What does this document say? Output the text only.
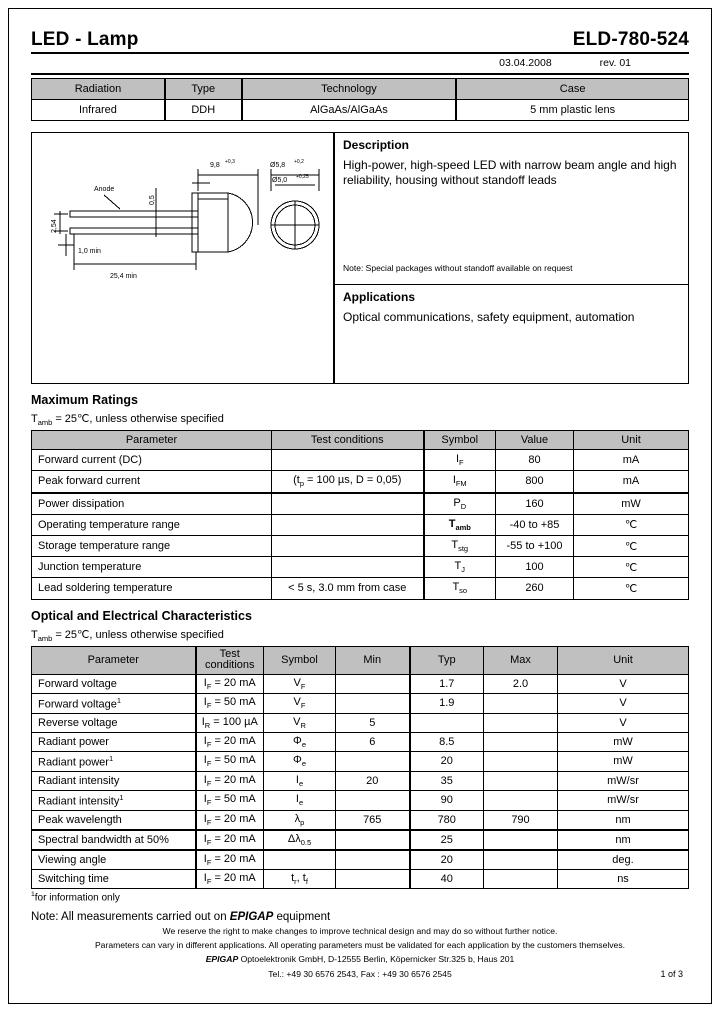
LED - Lamp	ELD-780-524
03.04.2008	rev. 01
Radiation	Type	Technology	Case
Infrared	DDH	AlGaAs/AlGaAs	5 mm plastic lens
Anode
2,54
0,5
1,0 min
25,4 min
9,8 +0,3	Ø5,8 +0,2
Ø5,0 +0,25
Description
High-power, high-speed LED with narrow beam angle and high reliability, housing without standoff leads
Note: Special packages without standoff available on request
Applications
Optical communications, safety equipment, automation
Maximum Ratings
$T_{amb}$ = 25℃, unless otherwise specified
Parameter	Test conditions	Symbol	Value	Unit
Forward current (DC)		$I_F$	80	mA
Peak forward current	($t_p = 100$ µs, D = 0,05)	$I_{FM}$	800	mA
Power dissipation		$P_D$	160	mW
Operating temperature range		$T_{amb}$	-40 to +85	℃
Storage temperature range		$T_{stg}$	-55 to +100	℃
Junction temperature		$T_J$	100	℃
Lead soldering temperature	< 5 s, 3.0 mm from case	$T_{so}$	260	℃
Optical and Electrical Characteristics
$T_{amb}$ = 25℃, unless otherwise specified
Parameter	Test conditions	Symbol	Min	Typ	Max	Unit
Forward voltage	$I_F = 20$ mA	$V_F$		1.7	2.0	V
Forward voltage$^1$	$I_F = 50$ mA	$V_F$		1.9		V
Reverse voltage	$I_R = 100$ µA	$V_R$	5			V
Radiant power	$I_F = 20$ mA	$\Phi_e$	6	8.5		mW
Radiant power$^1$	$I_F = 50$ mA	$\Phi_e$		20		mW
Radiant intensity	$I_F = 20$ mA	$I_e$	20	35		mW/sr
Radiant intensity$^1$	$I_F = 50$ mA	$I_e$		90		mW/sr
Peak wavelength	$I_F = 20$ mA	$\lambda_p$	765	780	790	nm
Spectral bandwidth at 50%	$I_F = 20$ mA	$\Delta\lambda_{0.5}$		25		nm
Viewing angle	$I_F = 20$ mA			20		deg.
Switching time	$I_F = 20$ mA	$t_r$, $t_f$		40		ns
$^1$for information only
Note: All measurements carried out on EPIGAP equipment
We reserve the right to make changes to improve technical design and may do so without further notice.
Parameters can vary in different applications. All operating parameters must be validated for each application by the customers themselves.
EPIGAP Optoelektronik GmbH, D-12555 Berlin, Köpernicker Str.325 b, Haus 201
Tel.: +49 30 6576 2543, Fax : +49 30 6576 2545	1 of 3
